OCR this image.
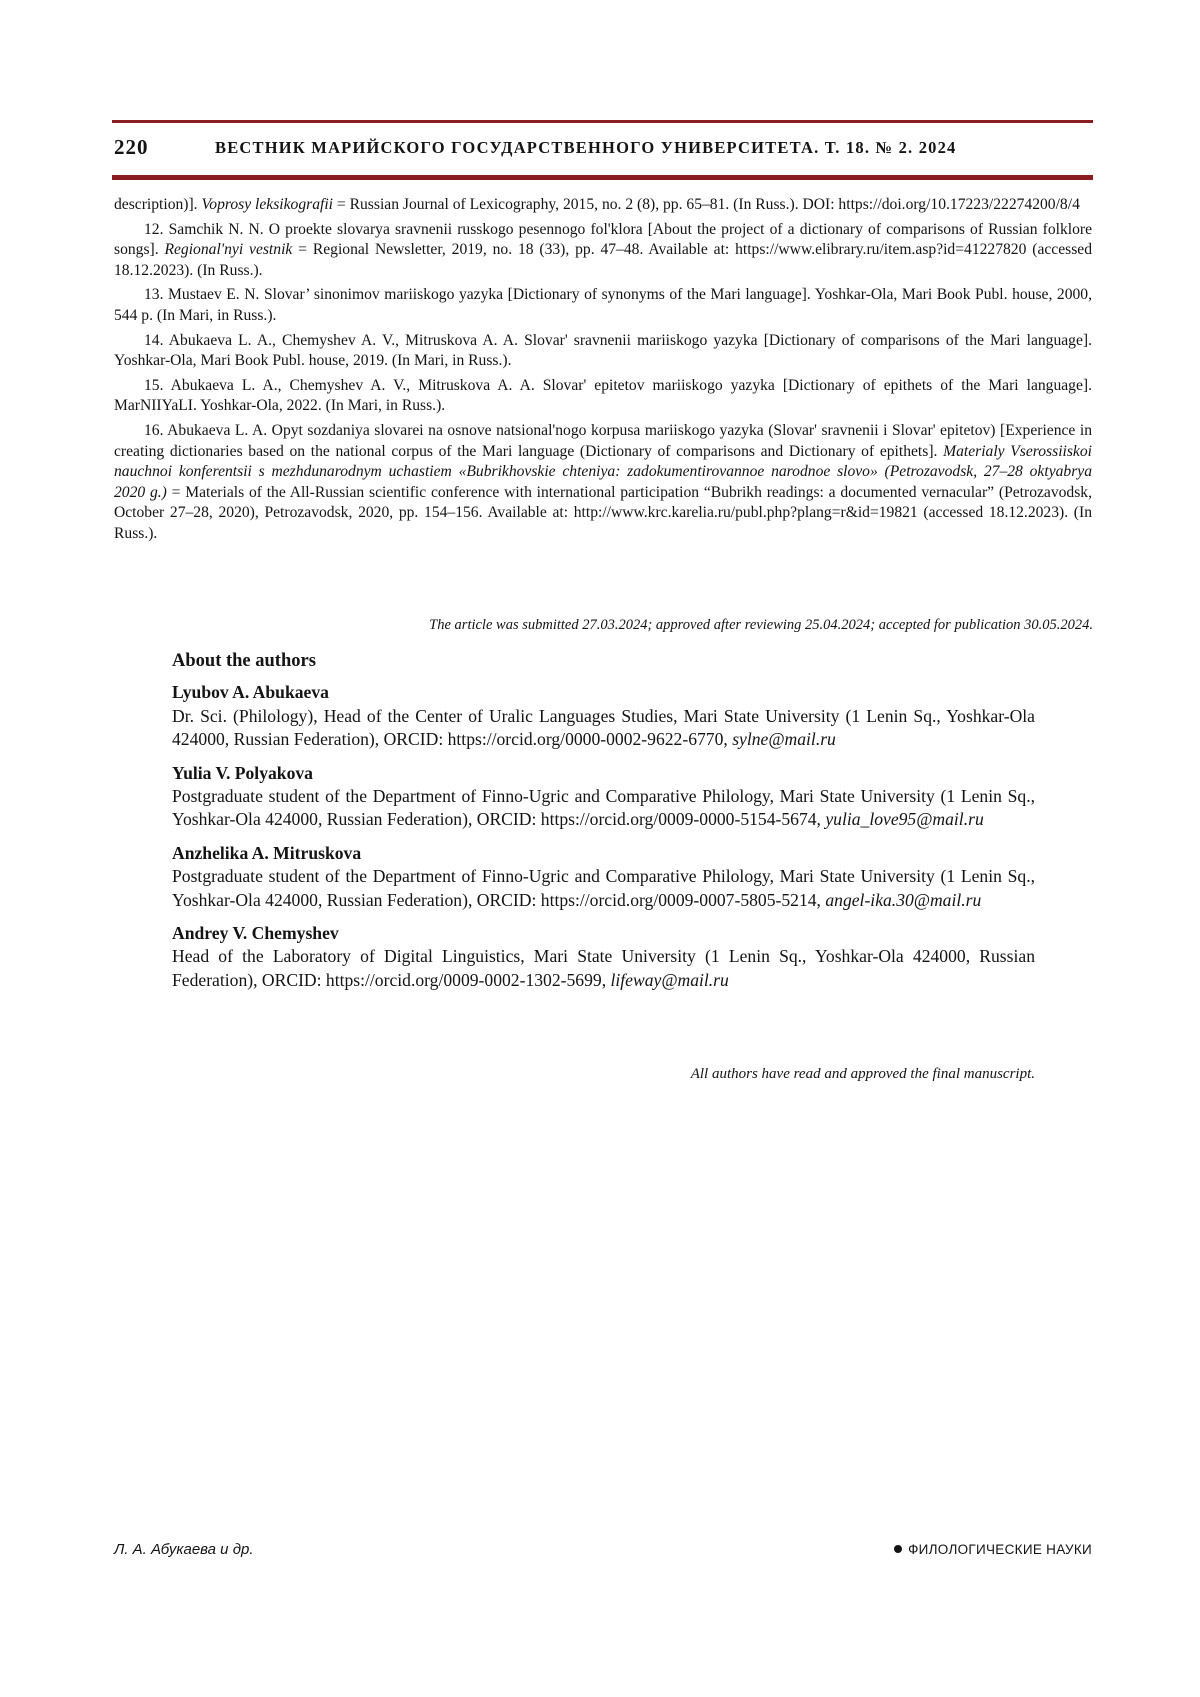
220	ВЕСТНИК МАРИЙСКОГО ГОСУДАРСТВЕННОГО УНИВЕРСИТЕТА. Т. 18. № 2. 2024

description)]. Voprosy leksikografii = Russian Journal of Lexicography, 2015, no. 2 (8), pp. 65–81. (In Russ.). DOI: https://doi.org/10.17223/22274200/8/4

12. Samchik N. N. O proekte slovarya sravnenii russkogo pesennogo fol'klora [About the project of a dictionary of comparisons of Russian folklore songs]. Regional'nyi vestnik = Regional Newsletter, 2019, no. 18 (33), pp. 47–48. Available at: https://www.elibrary.ru/item.asp?id=41227820 (accessed 18.12.2023). (In Russ.).

13. Mustaev E. N. Slovar’ sinonimov mariiskogo yazyka [Dictionary of synonyms of the Mari language]. Yoshkar-Ola, Mari Book Publ. house, 2000, 544 p. (In Mari, in Russ.).

14. Abukaeva L. A., Chemyshev A. V., Mitruskova A. A. Slovar' sravnenii mariiskogo yazyka [Dictionary of comparisons of the Mari language]. Yoshkar-Ola, Mari Book Publ. house, 2019. (In Mari, in Russ.).

15. Abukaeva L. A., Chemyshev A. V., Mitruskova A. A. Slovar' epitetov mariiskogo yazyka [Dictionary of epithets of the Mari language]. MarNIIYaLI. Yoshkar-Ola, 2022. (In Mari, in Russ.).

16. Abukaeva L. A. Opyt sozdaniya slovarei na osnove natsional'nogo korpusa mariiskogo yazyka (Slovar' sravnenii i Slovar' epitetov) [Experience in creating dictionaries based on the national corpus of the Mari language (Dictionary of comparisons and Dictionary of epithets]. Materialy Vserossiiskoi nauchnoi konferentsii s mezhdunarodnym uchastiem «Bubrikhovskie chteniya: zadokumentirovannoe narodnoe slovo» (Petrozavodsk, 27–28 oktyabrya 2020 g.) = Materials of the All-Russian scientific conference with international participation “Bubrikh readings: a documented vernacular” (Petrozavodsk, October 27–28, 2020), Petrozavodsk, 2020, pp. 154–156. Available at: http://www.krc.karelia.ru/publ.php?plang=r&id=19821 (accessed 18.12.2023). (In Russ.).

The article was submitted 27.03.2024; approved after reviewing 25.04.2024; accepted for publication 30.05.2024.

About the authors

Lyubov A. Abukaeva

Dr. Sci. (Philology), Head of the Center of Uralic Languages Studies, Mari State University (1 Lenin Sq., Yoshkar-Ola 424000, Russian Federation), ORCID: https://orcid.org/0000-0002-9622-6770, sylne@mail.ru

Yulia V. Polyakova

Postgraduate student of the Department of Finno-Ugric and Comparative Philology, Mari State University (1 Lenin Sq., Yoshkar-Ola 424000, Russian Federation), ORCID: https://orcid.org/0009-0000-5154-5674, yulia_love95@mail.ru

Anzhelika A. Mitruskova

Postgraduate student of the Department of Finno-Ugric and Comparative Philology, Mari State University (1 Lenin Sq., Yoshkar-Ola 424000, Russian Federation), ORCID: https://orcid.org/0009-0007-5805-5214, angel-ika.30@mail.ru

Andrey V. Chemyshev

Head of the Laboratory of Digital Linguistics, Mari State University (1 Lenin Sq., Yoshkar-Ola 424000, Russian Federation), ORCID: https://orcid.org/0009-0002-1302-5699, lifeway@mail.ru

All authors have read and approved the final manuscript.
Л. А. Абукаева и др.	ФИЛОЛОГИЧЕСКИЕ НАУКИ
